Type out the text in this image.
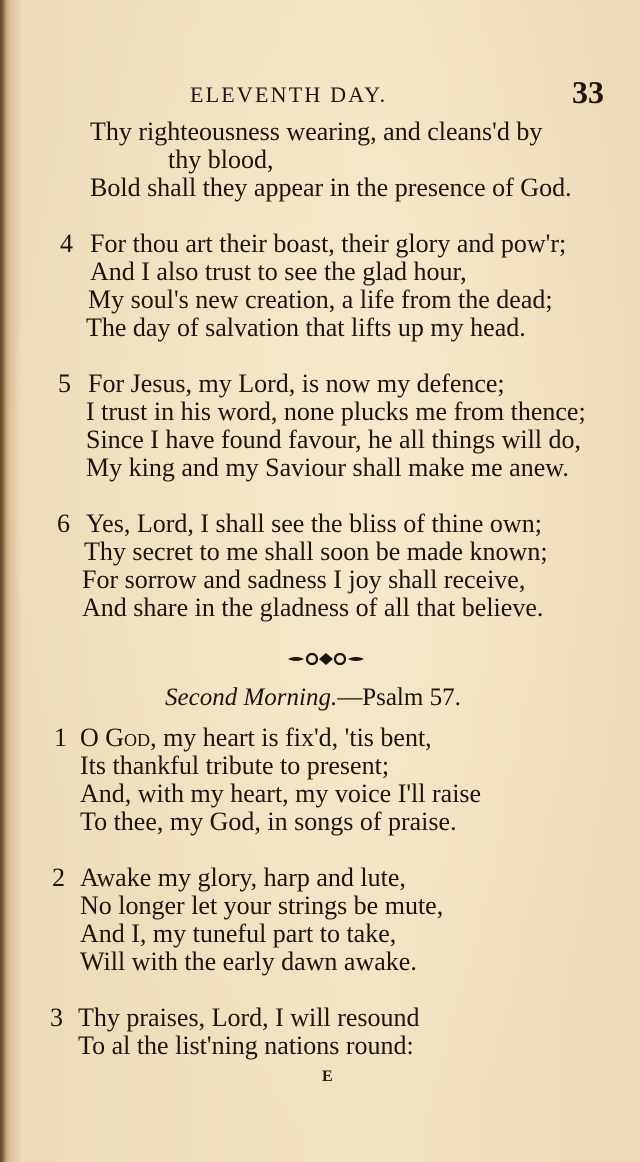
ELEVENTH DAY.	33
Thy righteousness wearing, and cleans'd by
thy blood,
Bold shall they appear in the presence of God.
4 For thou art their boast, their glory and pow'r;
And I also trust to see the glad hour,
My soul's new creation, a life from the dead;
The day of salvation that lifts up my head.
5 For Jesus, my Lord, is now my defence;
I trust in his word, none plucks me from thence;
Since I have found favour, he all things will do,
My king and my Saviour shall make me anew.
6 Yes, Lord, I shall see the bliss of thine own;
Thy secret to me shall soon be made known;
For sorrow and sadness I joy shall receive,
And share in the gladness of all that believe.
Second Morning.—Psalm 57.
1 O God, my heart is fix'd, 'tis bent,
Its thankful tribute to present;
And, with my heart, my voice I'll raise
To thee, my God, in songs of praise.
2 Awake my glory, harp and lute,
No longer let your strings be mute,
And I, my tuneful part to take,
Will with the early dawn awake.
3 Thy praises, Lord, I will resound
To al the list'ning nations round:
E
